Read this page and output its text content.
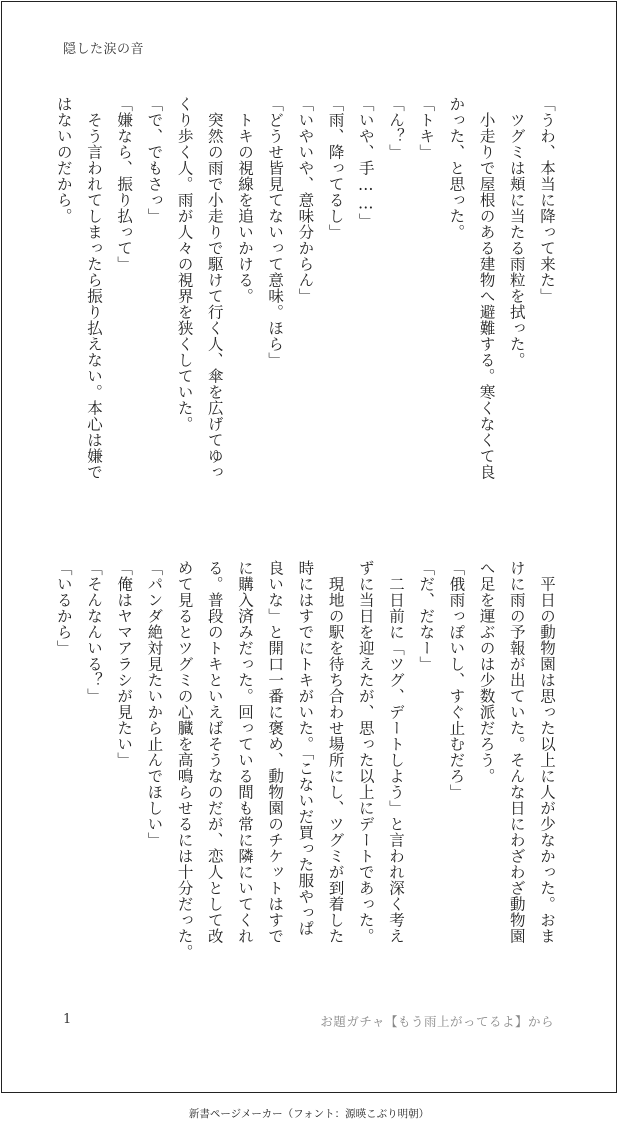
隠した涙の音
「うわ、本当に降って来た」
　ツグミは頬に当たる雨粒を拭った。
　小走りで屋根のある建物へ避難する。寒くなくて良
かった、と思った。
「トキ」
「ん？」
「いや、手……」
「雨、降ってるし」
「いやいや、意味分からん」
「どうせ皆見てないって意味。ほら」
　トキの視線を追いかける。
　突然の雨で小走りで駆けて行く人、傘を広げてゆっ
くり歩く人。雨が人々の視界を狭くしていた。
「で、でもさっ」
「嫌なら、振り払って」
　そう言われてしまったら振り払えない。本心は嫌で
はないのだから。
　平日の動物園は思った以上に人が少なかった。おま
けに雨の予報が出ていた。そんな日にわざわざ動物園
へ足を運ぶのは少数派だろう。
「俄雨っぽいし、すぐ止むだろ」
「だ、だなー」
　二日前に「ツグ、デートしよう」と言われ深く考え
ずに当日を迎えたが、思った以上にデートであった。
　現地の駅を待ち合わせ場所にし、ツグミが到着した
時にはすでにトキがいた。「こないだ買った服やっぱ
良いな」と開口一番に褒め、動物園のチケットはすで
に購入済みだった。回っている間も常に隣にいてくれ
る。普段のトキといえばそうなのだが、恋人として改
めて見るとツグミの心臓を高鳴らせるには十分だった。
「パンダ絶対見たいから止んでほしい」
「俺はヤマアラシが見たい」
「そんなんいる？」
「いるから」
1	お題ガチャ【もう雨上がってるよ】から
新書ページメーカー（フォント：源暎こぶり明朝）
